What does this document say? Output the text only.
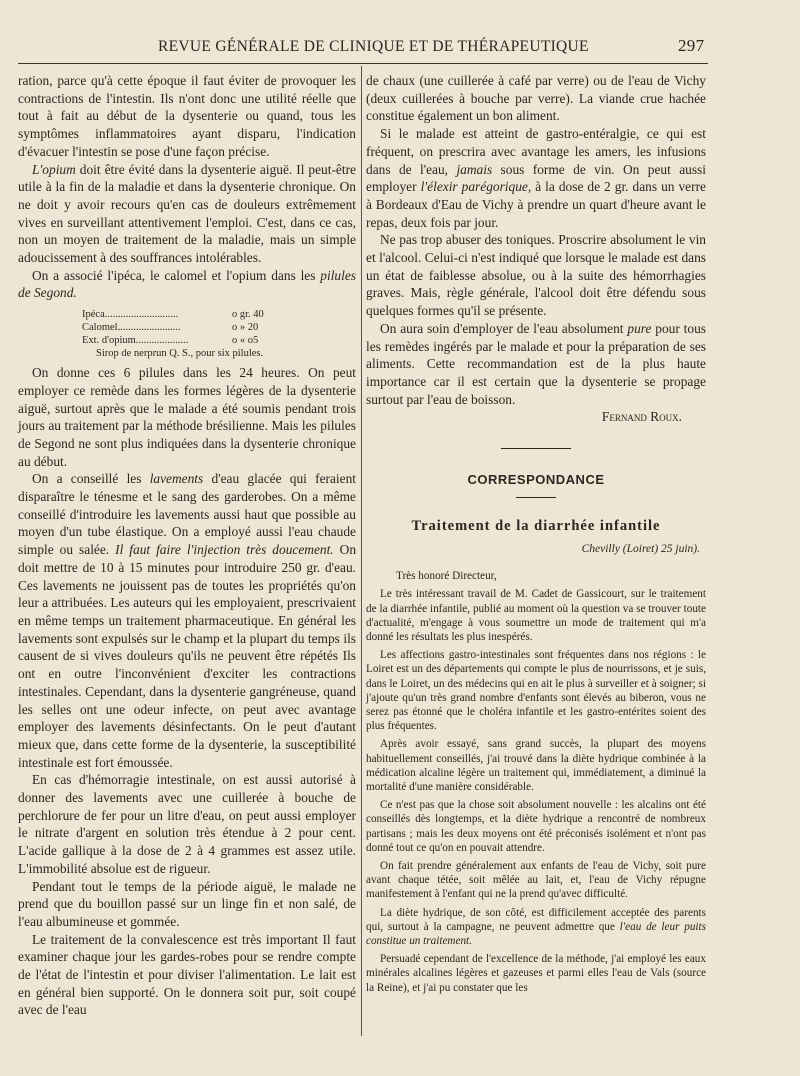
REVUE GÉNÉRALE DE CLINIQUE ET DE THÉRAPEUTIQUE	297

ration, parce qu'à cette époque il faut éviter de provoquer les contractions de l'intestin. Ils n'ont donc une utilité réelle que tout à fait au début de la dysenterie ou quand, tous les symptômes inflammatoires ayant disparu, l'indication d'évacuer l'intestin se pose d'une façon précise.

L'opium doit être évité dans la dysenterie aiguë. Il peut-être utile à la fin de la maladie et dans la dysenterie chronique. On ne doit y avoir recours qu'en cas de douleurs extrêmement vives en surveillant attentivement l'emploi. C'est, dans ce cas, non un moyen de traitement de la maladie, mais un simple adoucissement à des souffrances intolérables.

On a associé l'ipéca, le calomel et l'opium dans les pilules de Segond.

Ipéca............................	o gr. 40
Calomel........................	o » 20
Ext. d'opium....................	o « o5
Sirop de nerprun Q. S., pour six pilules.

On donne ces 6 pilules dans les 24 heures. On peut employer ce remède dans les formes légères de la dysenterie aiguë, surtout après que le malade a été soumis pendant trois jours au traitement par la méthode brésilienne. Mais les pilules de Segond ne sont plus indiquées dans la dysenterie chronique au début.

On a conseillé les lavements d'eau glacée qui feraient disparaître le ténesme et le sang des garderobes. On a même conseillé d'introduire les lavements aussi haut que possible au moyen d'un tube élastique. On a employé aussi l'eau chaude simple ou salée. Il faut faire l'injection très doucement. On doit mettre de 10 à 15 minutes pour introduire 250 gr. d'eau. Ces lavements ne jouissent pas de toutes les propriétés qu'on leur a attribuées. Les auteurs qui les employaient, prescrivaient en même temps un traitement pharmaceutique. En général les lavements sont expulsés sur le champ et la plupart du temps ils causent de si vives douleurs qu'ils ne peuvent être répétés Ils ont en outre l'inconvénient d'exciter les contractions intestinales. Cependant, dans la dysenterie gangréneuse, quand les selles ont une odeur infecte, on peut avec avantage employer des lavements désinfectants. On le peut d'autant mieux que, dans cette forme de la dysenterie, la susceptibilité intestinale est fort émoussée.

En cas d'hémorragie intestinale, on est aussi autorisé à donner des lavements avec une cuillerée à bouche de perchlorure de fer pour un litre d'eau, on peut aussi employer le nitrate d'argent en solution très étendue à 2 pour cent. L'acide gallique à la dose de 2 à 4 grammes est assez utile. L'immobilité absolue est de rigueur.

Pendant tout le temps de la période aiguë, le malade ne prend que du bouillon passé sur un linge fin et non salé, de l'eau albumineuse et gommée.

Le traitement de la convalescence est très important Il faut examiner chaque jour les gardes-robes pour se rendre compte de l'état de l'intestin et pour diviser l'alimentation. Le lait est en général bien supporté. On le donnera soit pur, soit coupé avec de l'eau

de chaux (une cuillerée à café par verre) ou de l'eau de Vichy (deux cuillerées à bouche par verre). La viande crue hachée constitue également un bon aliment.

Si le malade est atteint de gastro-entéralgie, ce qui est fréquent, on prescrira avec avantage les amers, les infusions dans de l'eau, jamais sous forme de vin. On peut aussi employer l'élexir parégorique, à la dose de 2 gr. dans un verre à Bordeaux d'Eau de Vichy à prendre un quart d'heure avant le repas, deux fois par jour.

Ne pas trop abuser des toniques. Proscrire absolument le vin et l'alcool. Celui-ci n'est indiqué que lorsque le malade est dans un état de faiblesse absolue, ou à la suite des hémorrhagies graves. Mais, règle générale, l'alcool doit être défendu sous quelques formes qu'il se présente.

On aura soin d'employer de l'eau absolument pure pour tous les remèdes ingérés par le malade et pour la préparation de ses aliments. Cette recommandation est de la plus haute importance car il est certain que la dysenterie se propage surtout par l'eau de boisson.

Fernand Roux.
CORRESPONDANCE
Traitement de la diarrhée infantile
Chevilly (Loiret) 25 juin).

Très honoré Directeur,

Le très intéressant travail de M. Cadet de Gassicourt, sur le traitement de la diarrhée infantile, publié au moment où la question va se trouver toute d'actualité, m'engage à vous soumettre un mode de traitement qui m'a donné les résultats les plus inespérés.

Les affections gastro-intestinales sont fréquentes dans nos régions : le Loiret est un des départements qui compte le plus de nourrissons, et je suis, dans le Loiret, un des médecins qui en ait le plus à surveiller et à soigner; si j'ajoute qu'un très grand nombre d'enfants sont élevés au biberon, vous ne serez pas étonné que le choléra infantile et les gastro-entérites soient des plus fréquentes.

Après avoir essayé, sans grand succès, la plupart des moyens habituellement conseillés, j'ai trouvé dans la diète hydrique combinée à la médication alcaline légère un traitement qui, immédiatement, a diminué la mortalité d'une manière considérable.

Ce n'est pas que la chose soit absolument nouvelle : les alcalins ont été conseillés dès longtemps, et la diète hydrique a rencontré de nombreux partisans ; mais les deux moyens ont été préconisés isolément et n'ont pas donné tout ce qu'on en pouvait attendre.

On fait prendre généralement aux enfants de l'eau de Vichy, soit pure avant chaque tétée, soit mêlée au lait, et, l'eau de Vichy répugne manifestement à l'enfant qui ne la prend qu'avec difficulté.

La diète hydrique, de son côté, est difficilement acceptée des parents qui, surtout à la campagne, ne peuvent admettre que l'eau de leur puits constitue un traitement.

Persuadé cependant de l'excellence de la méthode, j'ai employé les eaux minérales alcalines légères et gazeuses et parmi elles l'eau de Vals (source la Reine), et j'ai pu constater que les
